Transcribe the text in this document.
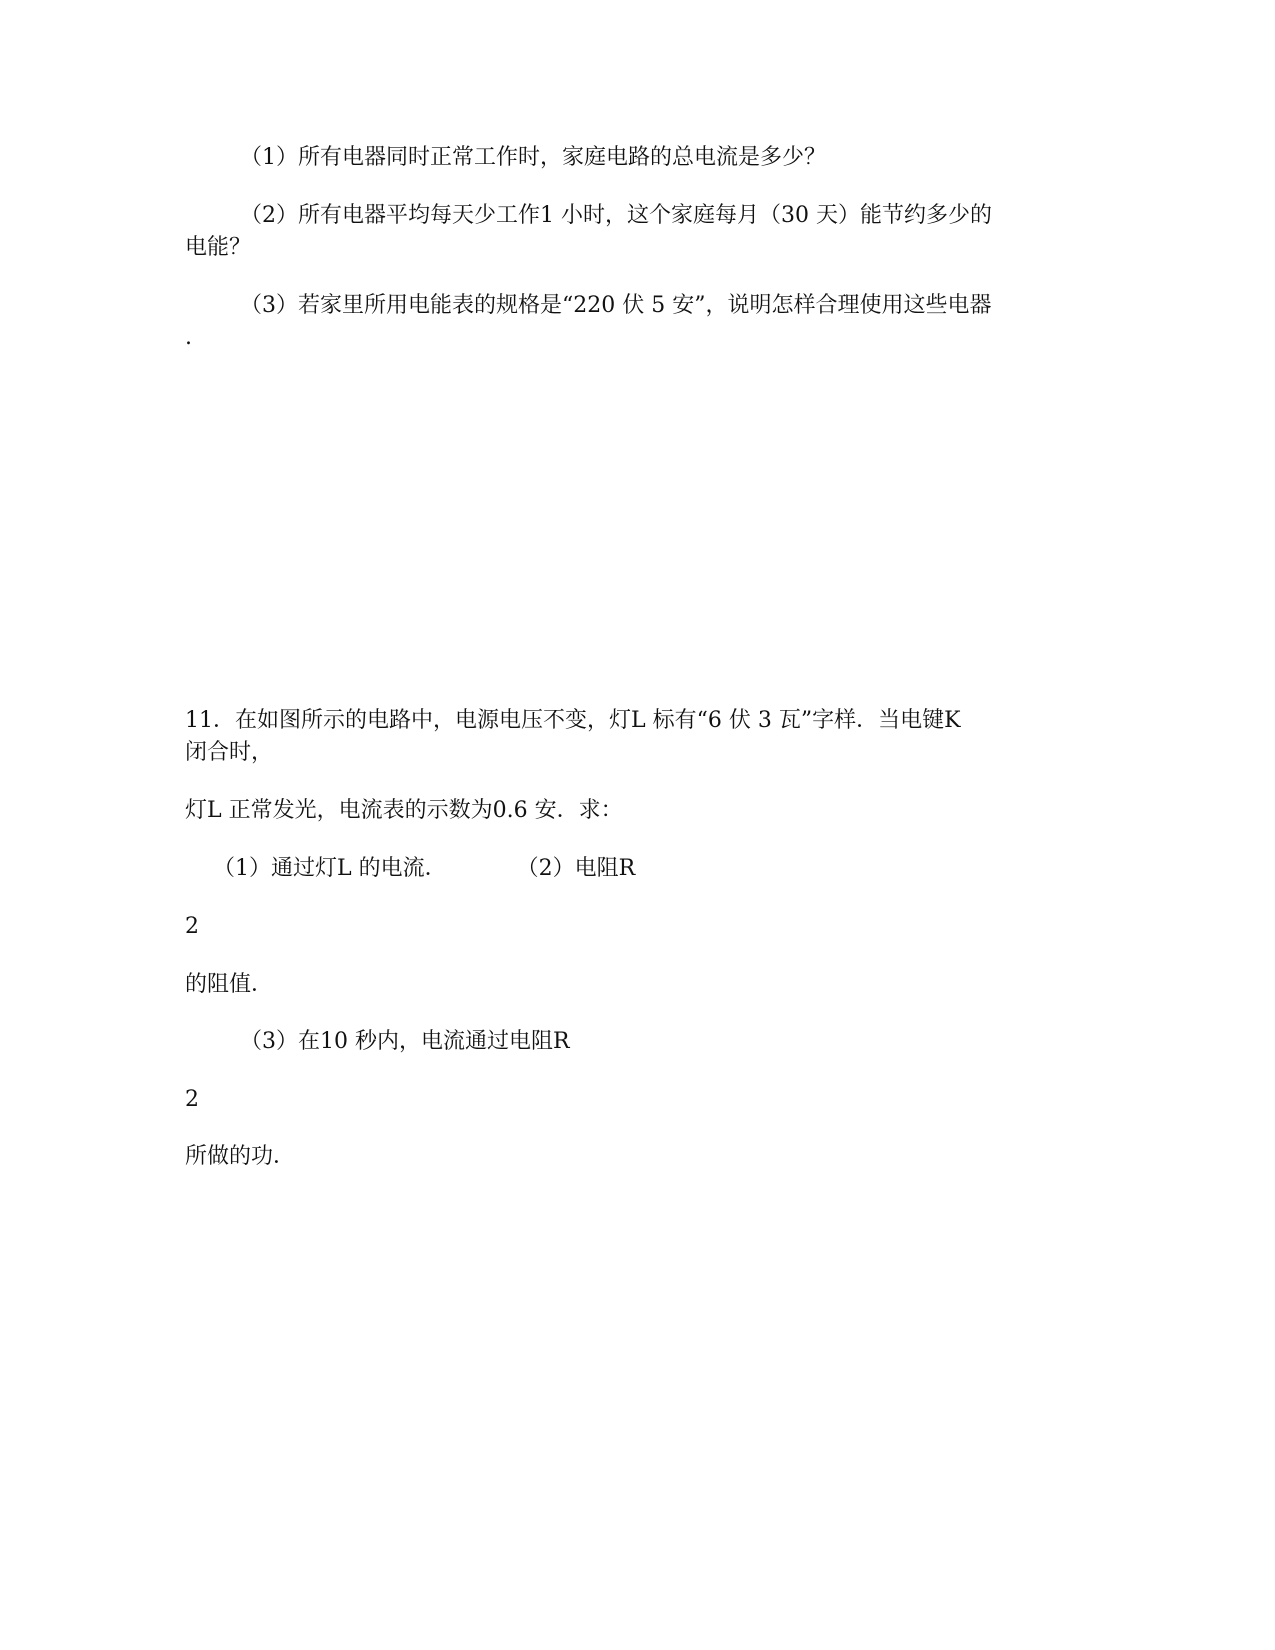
（1）所有电器同时正常工作时，家庭电路的总电流是多少？

（2）所有电器平均每天少工作1 小时，这个家庭每月（30 天）能节约多少的

电能？

（3）若家里所用电能表的规格是“220 伏 5 安”，说明怎样合理使用这些电器

.

11．在如图所示的电路中，电源电压不变，灯L 标有“6 伏 3 瓦”字样．当电键K

闭合时，

灯L 正常发光，电流表的示数为0.6 安．求：

（1）通过灯L 的电流．	（2）电阻R

2

的阻值．

（3）在10 秒内，电流通过电阻R

2

所做的功．
